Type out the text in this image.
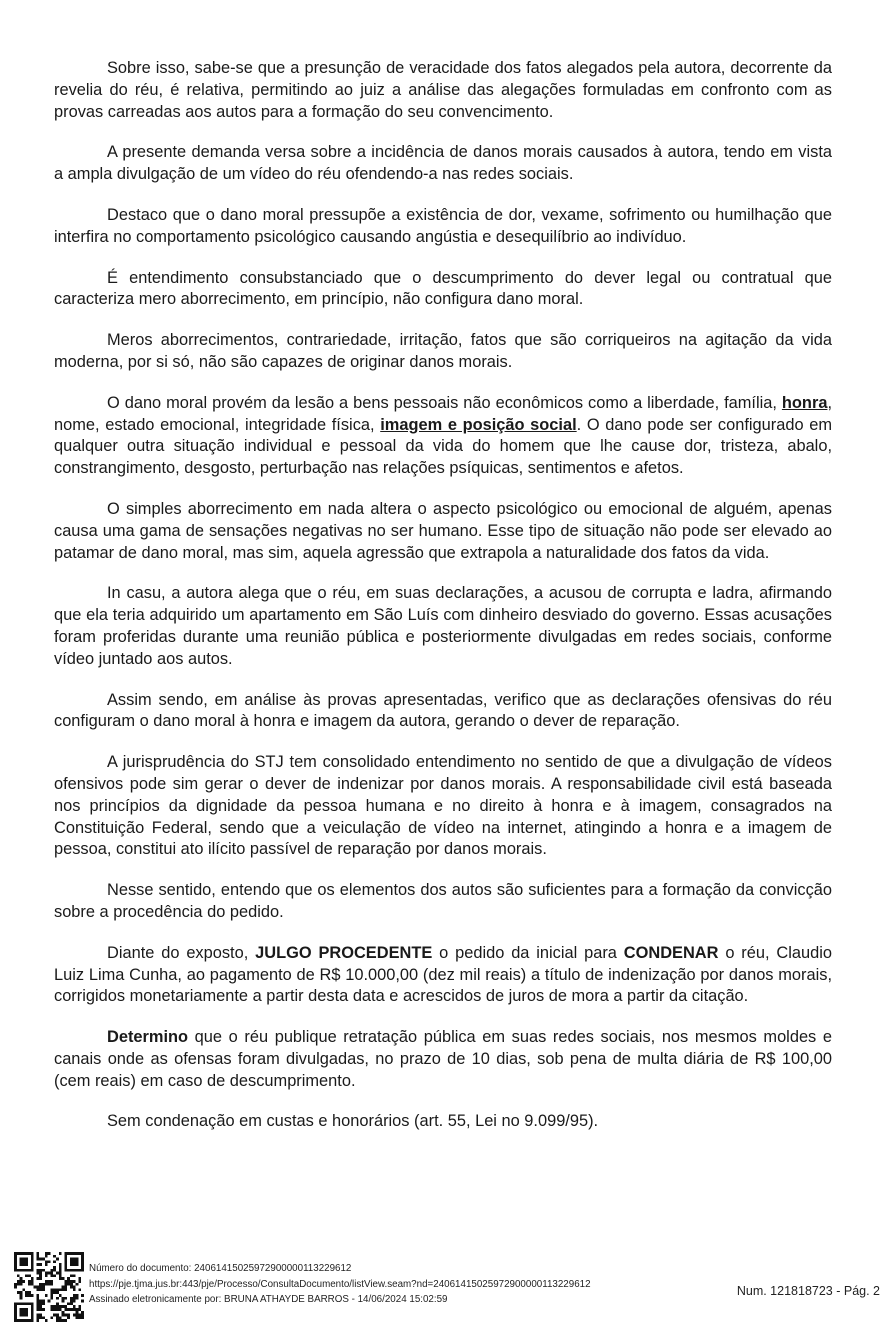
Sobre isso, sabe-se que a presunção de veracidade dos fatos alegados pela autora, decorrente da revelia do réu, é relativa, permitindo ao juiz a análise das alegações formuladas em confronto com as provas carreadas aos autos para a formação do seu convencimento.

A presente demanda versa sobre a incidência de danos morais causados à autora, tendo em vista a ampla divulgação de um vídeo do réu ofendendo-a nas redes sociais.

Destaco que o dano moral pressupõe a existência de dor, vexame, sofrimento ou humilhação que interfira no comportamento psicológico causando angústia e desequilíbrio ao indivíduo.

É entendimento consubstanciado que o descumprimento do dever legal ou contratual que caracteriza mero aborrecimento, em princípio, não configura dano moral.

Meros aborrecimentos, contrariedade, irritação, fatos que são corriqueiros na agitação da vida moderna, por si só, não são capazes de originar danos morais.

O dano moral provém da lesão a bens pessoais não econômicos como a liberdade, família, honra, nome, estado emocional, integridade física, imagem e posição social. O dano pode ser configurado em qualquer outra situação individual e pessoal da vida do homem que lhe cause dor, tristeza, abalo, constrangimento, desgosto, perturbação nas relações psíquicas, sentimentos e afetos.

O simples aborrecimento em nada altera o aspecto psicológico ou emocional de alguém, apenas causa uma gama de sensações negativas no ser humano. Esse tipo de situação não pode ser elevado ao patamar de dano moral, mas sim, aquela agressão que extrapola a naturalidade dos fatos da vida.

In casu, a autora alega que o réu, em suas declarações, a acusou de corrupta e ladra, afirmando que ela teria adquirido um apartamento em São Luís com dinheiro desviado do governo. Essas acusações foram proferidas durante uma reunião pública e posteriormente divulgadas em redes sociais, conforme vídeo juntado aos autos.

Assim sendo, em análise às provas apresentadas, verifico que as declarações ofensivas do réu configuram o dano moral à honra e imagem da autora, gerando o dever de reparação.

A jurisprudência do STJ tem consolidado entendimento no sentido de que a divulgação de vídeos ofensivos pode sim gerar o dever de indenizar por danos morais. A responsabilidade civil está baseada nos princípios da dignidade da pessoa humana e no direito à honra e à imagem, consagrados na Constituição Federal, sendo que a veiculação de vídeo na internet, atingindo a honra e a imagem de pessoa, constitui ato ilícito passível de reparação por danos morais.

Nesse sentido, entendo que os elementos dos autos são suficientes para a formação da convicção sobre a procedência do pedido.

Diante do exposto, JULGO PROCEDENTE o pedido da inicial para CONDENAR o réu, Claudio Luiz Lima Cunha, ao pagamento de R$ 10.000,00 (dez mil reais) a título de indenização por danos morais, corrigidos monetariamente a partir desta data e acrescidos de juros de mora a partir da citação.

Determino que o réu publique retratação pública em suas redes sociais, nos mesmos moldes e canais onde as ofensas foram divulgadas, no prazo de 10 dias, sob pena de multa diária de R$ 100,00 (cem reais) em caso de descumprimento.

Sem condenação em custas e honorários (art. 55, Lei no 9.099/95).

Número do documento: 24061415025972900000113229612
https://pje.tjma.jus.br:443/pje/Processo/ConsultaDocumento/listView.seam?nd=24061415025972900000113229612
Assinado eletronicamente por: BRUNA ATHAYDE BARROS - 14/06/2024 15:02:59
Num. 121818723 - Pág. 2
